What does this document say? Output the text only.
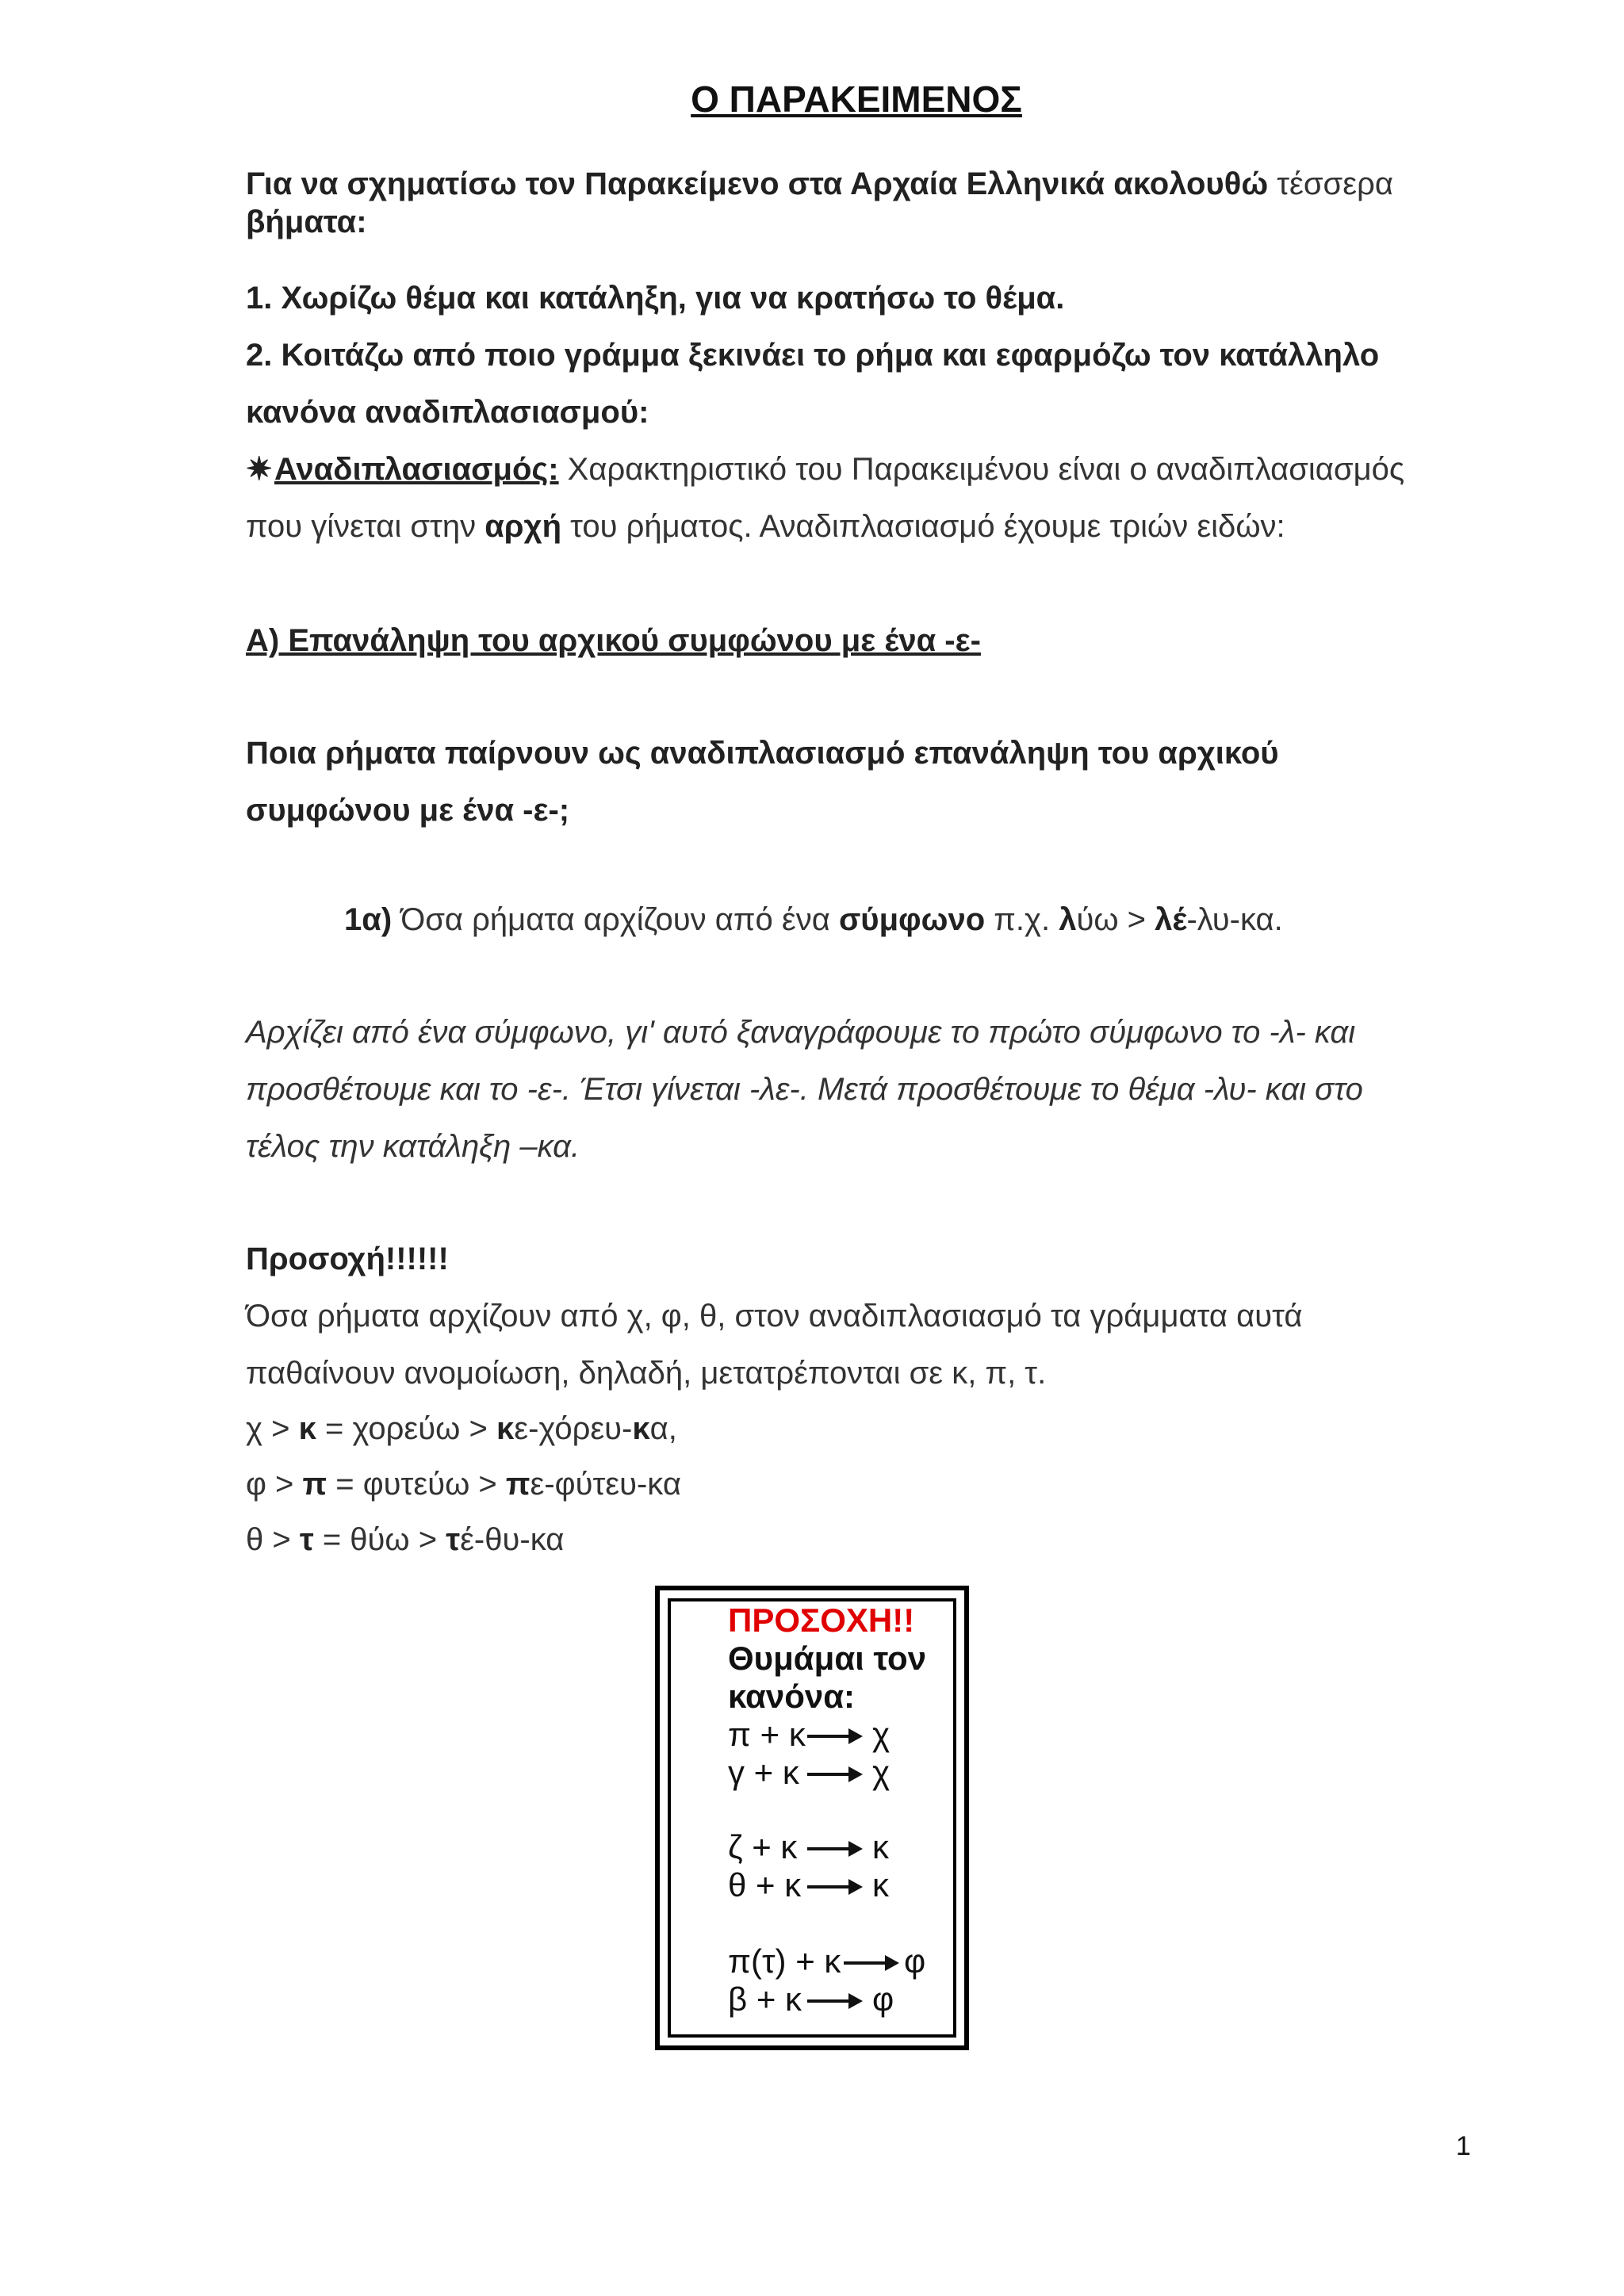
Ο ΠΑΡΑΚΕΙΜΕΝΟΣ

Για να σχηματίσω τον Παρακείμενο στα Αρχαία Ελληνικά ακολουθώ τέσσερα

βήματα:

1. Χωρίζω θέμα και κατάληξη, για να κρατήσω το θέμα.

2. Κοιτάζω από ποιο γράμμα ξεκινάει το ρήμα και εφαρμόζω τον κατάλληλο

κανόνα αναδιπλασιασμού:

✷Αναδιπλασιασμός: Χαρακτηριστικό του Παρακειμένου είναι ο αναδιπλασιασμός

που γίνεται στην αρχή του ρήματος. Αναδιπλασιασμό έχουμε τριών ειδών:

Α) Επανάληψη του αρχικού συμφώνου με ένα -ε-

Ποια ρήματα παίρνουν ως αναδιπλασιασμό επανάληψη του αρχικού

συμφώνου με ένα -ε-;

1α) Όσα ρήματα αρχίζουν από ένα σύμφωνο π.χ. λύω > λέ-λυ-κα.

Αρχίζει από ένα σύμφωνο, γι' αυτό ξαναγράφουμε το πρώτο σύμφωνο το -λ- και

προσθέτουμε και το -ε-. Έτσι γίνεται -λε-. Μετά προσθέτουμε το θέμα -λυ- και στο

τέλος την κατάληξη –κα.

Προσοχή!!!!!!

Όσα ρήματα αρχίζουν από χ, φ, θ, στον αναδιπλασιασμό τα γράμματα αυτά

παθαίνουν ανομοίωση, δηλαδή, μετατρέπονται σε κ, π, τ.

χ > κ = χορεύω > κε-χόρευ-κα,

φ > π = φυτεύω > πε-φύτευ-κα

θ > τ = θύω > τέ-θυ-κα

ΠΡΟΣΟΧΗ!!

Θυμάμαι τον

κανόνα:

π + κ χ
γ + κ χ
ζ + κ κ
θ + κ κ
π(τ) + κ φ
β + κ φ
1
